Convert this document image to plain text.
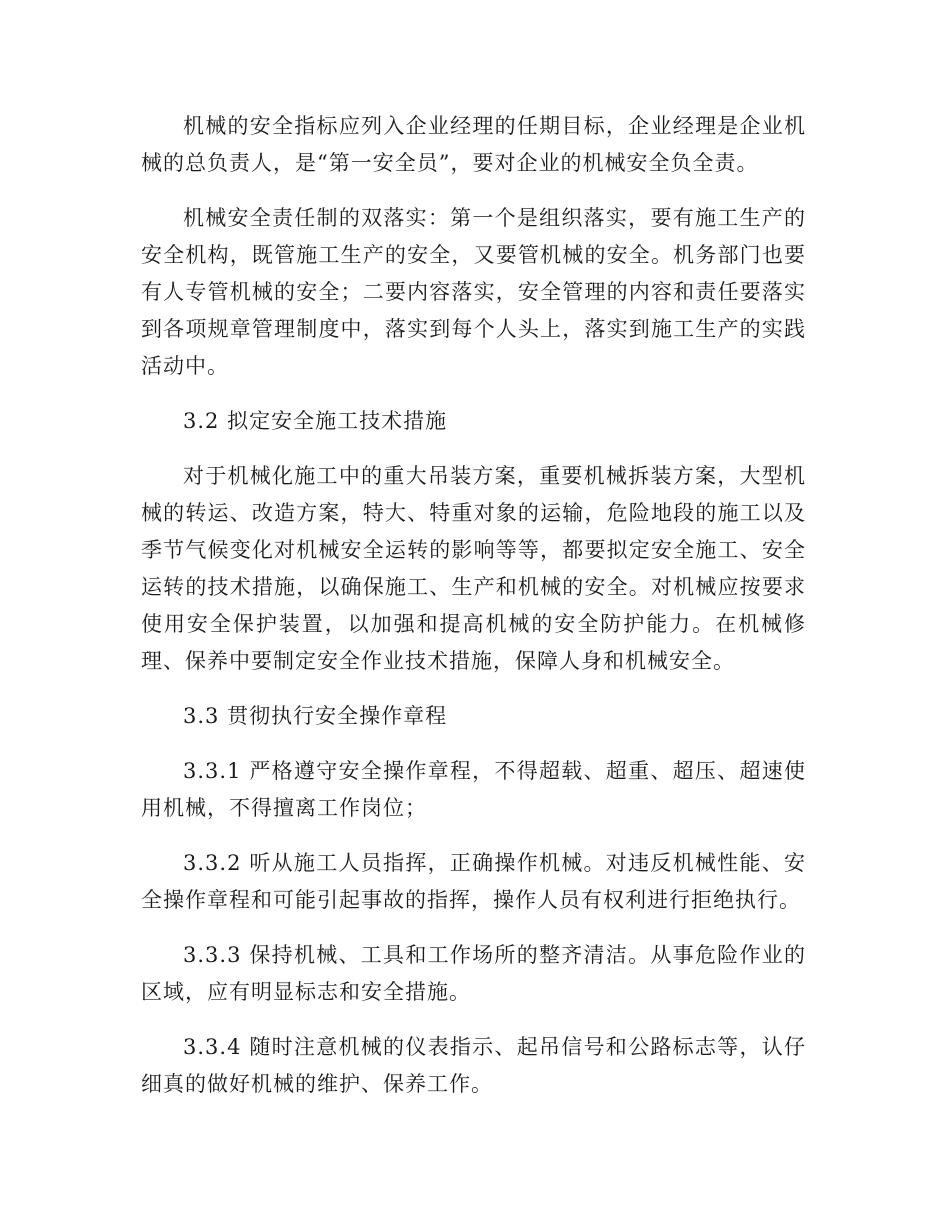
机械的安全指标应列入企业经理的任期目标，企业经理是企业机械的总负责人，是“第一安全员”，要对企业的机械安全负全责。

机械安全责任制的双落实：第一个是组织落实，要有施工生产的安全机构，既管施工生产的安全，又要管机械的安全。机务部门也要有人专管机械的安全；二要内容落实，安全管理的内容和责任要落实到各项规章管理制度中，落实到每个人头上，落实到施工生产的实践活动中。

3.2 拟定安全施工技术措施

对于机械化施工中的重大吊装方案，重要机械拆装方案，大型机械的转运、改造方案，特大、特重对象的运输，危险地段的施工以及季节气候变化对机械安全运转的影响等等，都要拟定安全施工、安全运转的技术措施，以确保施工、生产和机械的安全。对机械应按要求使用安全保护装置，以加强和提高机械的安全防护能力。在机械修理、保养中要制定安全作业技术措施，保障人身和机械安全。

3.3 贯彻执行安全操作章程

3.3.1 严格遵守安全操作章程，不得超载、超重、超压、超速使用机械，不得擅离工作岗位；

3.3.2 听从施工人员指挥，正确操作机械。对违反机械性能、安全操作章程和可能引起事故的指挥，操作人员有权利进行拒绝执行。

3.3.3 保持机械、工具和工作场所的整齐清洁。从事危险作业的区域，应有明显标志和安全措施。

3.3.4 随时注意机械的仪表指示、起吊信号和公路标志等，认仔细真的做好机械的维护、保养工作。
